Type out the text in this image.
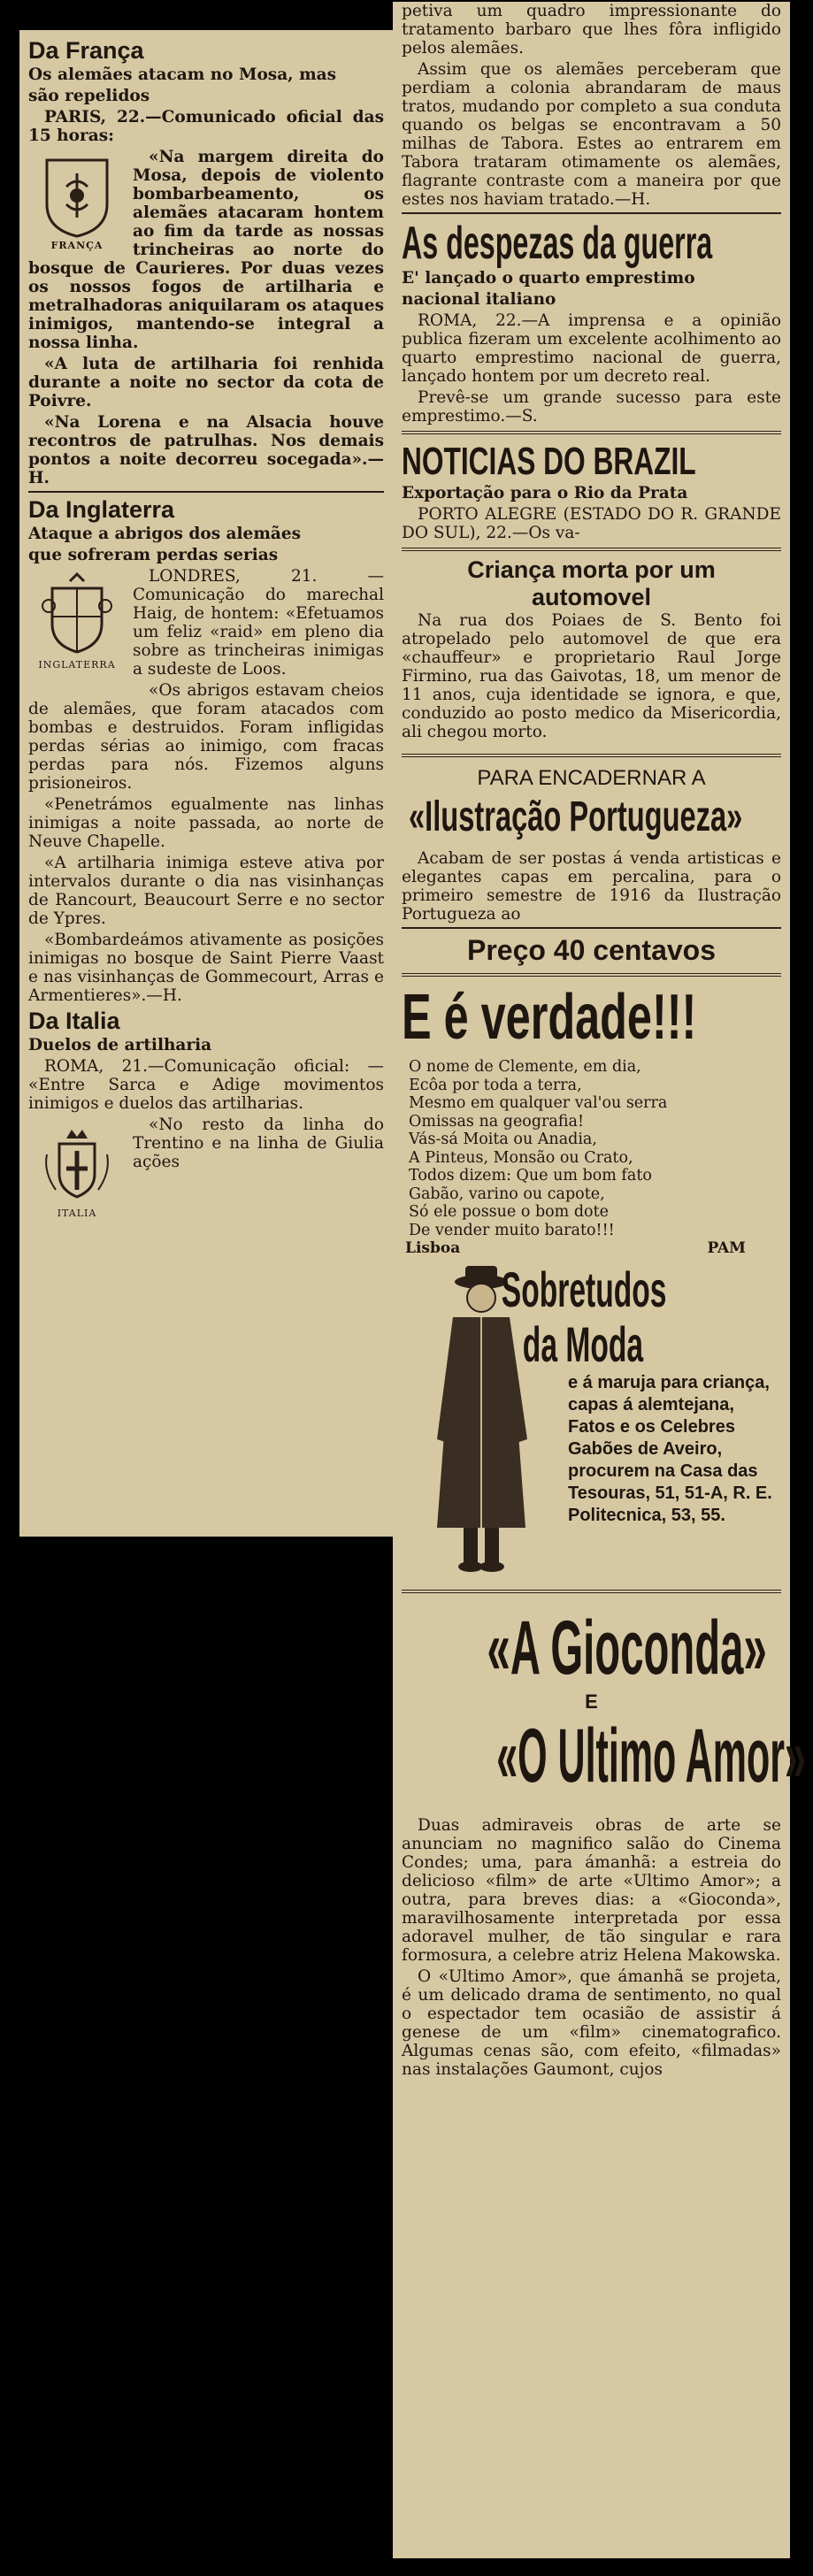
Da França

Os alemães atacam no Mosa, mas

são repelidos

PARIS, 22.—Comunicado oficial das 15 horas:

FRANÇA

«Na margem direita do Mosa, depois de violento bombarbeamento, os alemães atacaram hontem ao fim da tarde as nossas trincheiras ao norte do bosque de Caurieres. Por duas vezes os nossos fogos de artilharia e metralhadoras aniquilaram os ataques inimigos, mantendo-se integral a nossa linha.

«A luta de artilharia foi renhida durante a noite no sector da cota de Poivre.

«Na Lorena e na Alsacia houve recontros de patrulhas. Nos demais pontos a noite decorreu socegada».—H.

Da Inglaterra

Ataque a abrigos dos alemães

que sofreram perdas serias

INGLATERRA

LONDRES, 21. — Comunicação do marechal Haig, de hontem: «Efetuamos um feliz «raid» em pleno dia sobre as trincheiras inimigas a sudeste de Loos.

«Os abrigos estavam cheios de alemães, que foram atacados com bombas e destruidos. Foram infligidas perdas sérias ao inimigo, com fracas perdas para nós. Fizemos alguns prisioneiros.

«Penetrámos egualmente nas linhas inimigas a noite passada, ao norte de Neuve Chapelle.

«A artilharia inimiga esteve ativa por intervalos durante o dia nas visinhanças de Rancourt, Beaucourt Serre e no sector de Ypres.

«Bombardeámos ativamente as posições inimigas no bosque de Saint Pierre Vaast e nas visinhanças de Gommecourt, Arras e Armentieres».—H.

Da Italia

Duelos de artilharia

ROMA, 21.—Comunicação oficial: — «Entre Sarca e Adige movimentos inimigos e duelos das artilharias.

ITALIA

«No resto da linha do Trentino e na linha de Giulia ações

petiva um quadro impressionante do tratamento barbaro que lhes fôra infligido pelos alemães.

Assim que os alemães perceberam que perdiam a colonia abrandaram de maus tratos, mudando por completo a sua conduta quando os belgas se encontravam a 50 milhas de Tabora. Estes ao entrarem em Tabora trataram otimamente os alemães, flagrante contraste com a maneira por que estes nos haviam tratado.—H.

As despezas da guerra

E' lançado o quarto emprestimo

nacional italiano

ROMA, 22.—A imprensa e a opinião publica fizeram um excelente acolhimento ao quarto emprestimo nacional de guerra, lançado hontem por um decreto real.

Prevê-se um grande sucesso para este emprestimo.—S.

NOTICIAS DO BRAZIL

Exportação para o Rio da Prata

PORTO ALEGRE (ESTADO DO R. GRANDE DO SUL), 22.—Os va-

Criança morta por um
automovel

Na rua dos Poiaes de S. Bento foi atropelado pelo automovel de que era «chauffeur» e proprietario Raul Jorge Firmino, rua das Gaivotas, 18, um menor de 11 anos, cuja identidade se ignora, e que, conduzido ao posto medico da Misericordia, ali chegou morto.

PARA ENCADERNAR A
«Ilustração Portugueza»

Acabam de ser postas á venda artisticas e elegantes capas em percalina, para o primeiro semestre de 1916 da Ilustração Portugueza ao

Preço 40 centavos
E é verdade!!!

O nome de Clemente, em dia,

Ecôa por toda a terra,

Mesmo em qualquer val'ou serra

Omissas na geografia!

Vás-sá Moita ou Anadia,

A Pinteus, Monsão ou Crato,

Todos dizem: Que um bom fato

Gabão, varino ou capote,

Só ele possue o bom dote

De vender muito barato!!!

Lisboa	PAM
Sobretudos
da Moda

e á maruja para criança, capas á alemtejana, Fatos e os Celebres Gabões de Aveiro, procurem na Casa das Tesouras, 51, 51-A, R. E. Politecnica, 53, 55.

«A Gioconda»
E
«O Ultimo Amor»

Duas admiraveis obras de arte se anunciam no magnifico salão do Cinema Condes; uma, para ámanhã: a estreia do delicioso «film» de arte «Ultimo Amor»; a outra, para breves dias: a «Gioconda», maravilhosamente interpretada por essa adoravel mulher, de tão singular e rara formosura, a celebre atriz Helena Makowska.

O «Ultimo Amor», que ámanhã se projeta, é um delicado drama de sentimento, no qual o espectador tem ocasião de assistir á genese de um «film» cinematografico. Algumas cenas são, com efeito, «filmadas» nas instalações Gaumont, cujos
